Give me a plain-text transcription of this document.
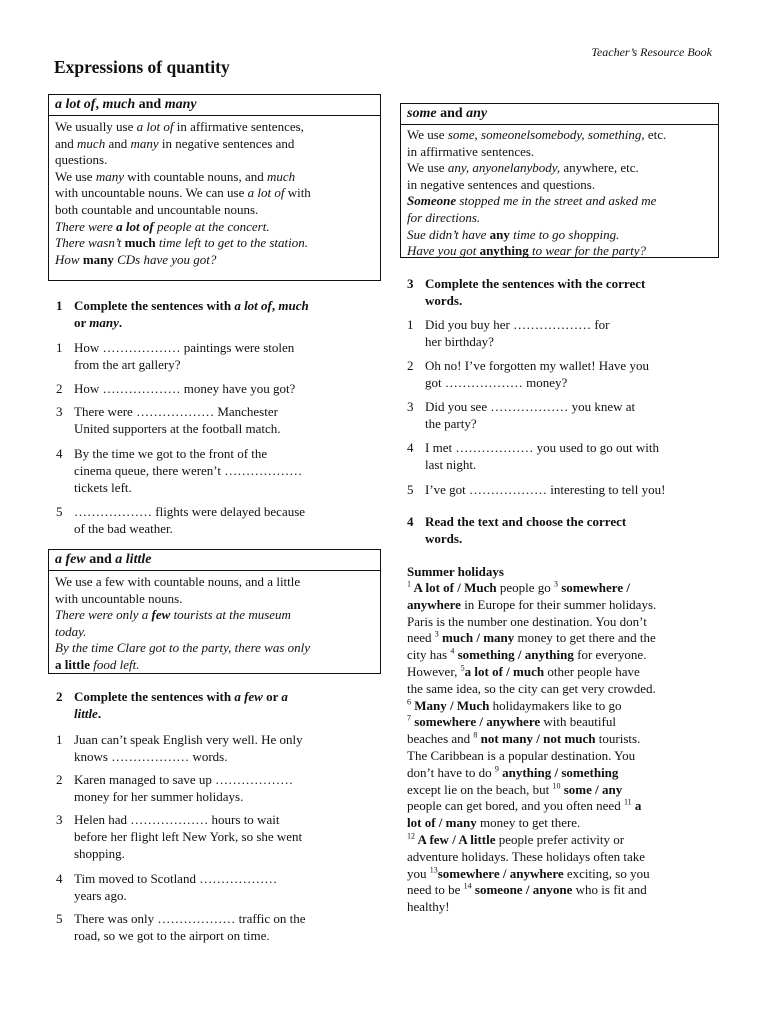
Teacher’s Resource Book
Expressions of quantity
a lot of, much and many

We usually use a lot of in affirmative sentences,

and much and many in negative sentences and

questions.

We use many with countable nouns, and much

with uncountable nouns. We can use a lot of with

both countable and uncountable nouns.

There were a lot of people at the concert.

There wasn’t much time left to get to the station.

How many CDs have you got?

some and any

We use some, someonelsomebody, something, etc.

in affirmative sentences.

We use any, anyonelanybody, anywhere, etc.

in negative sentences and questions.

Someone stopped me in the street and asked me

for directions.

Sue didn’t have any time to go shopping.

Have you got anything to wear for the party?

1 Complete the sentences with a lot of, much
or many.
1 How ……………… paintings were stolen
from the art gallery?
2 How ……………… money have you got?
3 There were ……………… Manchester
United supporters at the football match.
4 By the time we got to the front of the
cinema queue, there weren’t ………………
tickets left.
5 ……………… flights were delayed because
of the bad weather.
a few and a little

We use a few with countable nouns, and a little

with uncountable nouns.

There were only a few tourists at the museum

today.

By the time Clare got to the party, there was only

a little food left.

2 Complete the sentences with a few or a
little.
1 Juan can’t speak English very well. He only
knows ……………… words.
2 Karen managed to save up ………………
money for her summer holidays.
3 Helen had ……………… hours to wait
before her flight left New York, so she went
shopping.
4 Tim moved to Scotland ………………
years ago.
5 There was only ……………… traffic on the
road, so we got to the airport on time.
3 Complete the sentences with the correct
words.
1 Did you buy her ……………… for
her birthday?
2 Oh no! I’ve forgotten my wallet! Have you
got ……………… money?
3 Did you see ……………… you knew at
the party?
4 I met ……………… you used to go out with
last night.
5 I’ve got ……………… interesting to tell you!
4 Read the text and choose the correct
words.
Summer holidays

$^1$ A lot of / Much people go $^3$ somewhere /

anywhere in Europe for their summer holidays.

Paris is the number one destination. You don’t

need $^3$ much / many money to get there and the

city has $^4$ something / anything for everyone.

However, $^5$a lot of / much other people have

the same idea, so the city can get very crowded.

$^6$ Many / Much holidaymakers like to go

$^7$ somewhere / anywhere with beautiful

beaches and $^8$ not many / not much tourists.

The Caribbean is a popular destination. You

don’t have to do $^9$ anything / something

except lie on the beach, but $^{10}$ some / any

people can get bored, and you often need $^{11}$ a

lot of / many money to get there.

$^{12}$ A few / A little people prefer activity or

adventure holidays. These holidays often take

you $^{13}$somewhere / anywhere exciting, so you

need to be $^{14}$ someone / anyone who is fit and

healthy!
